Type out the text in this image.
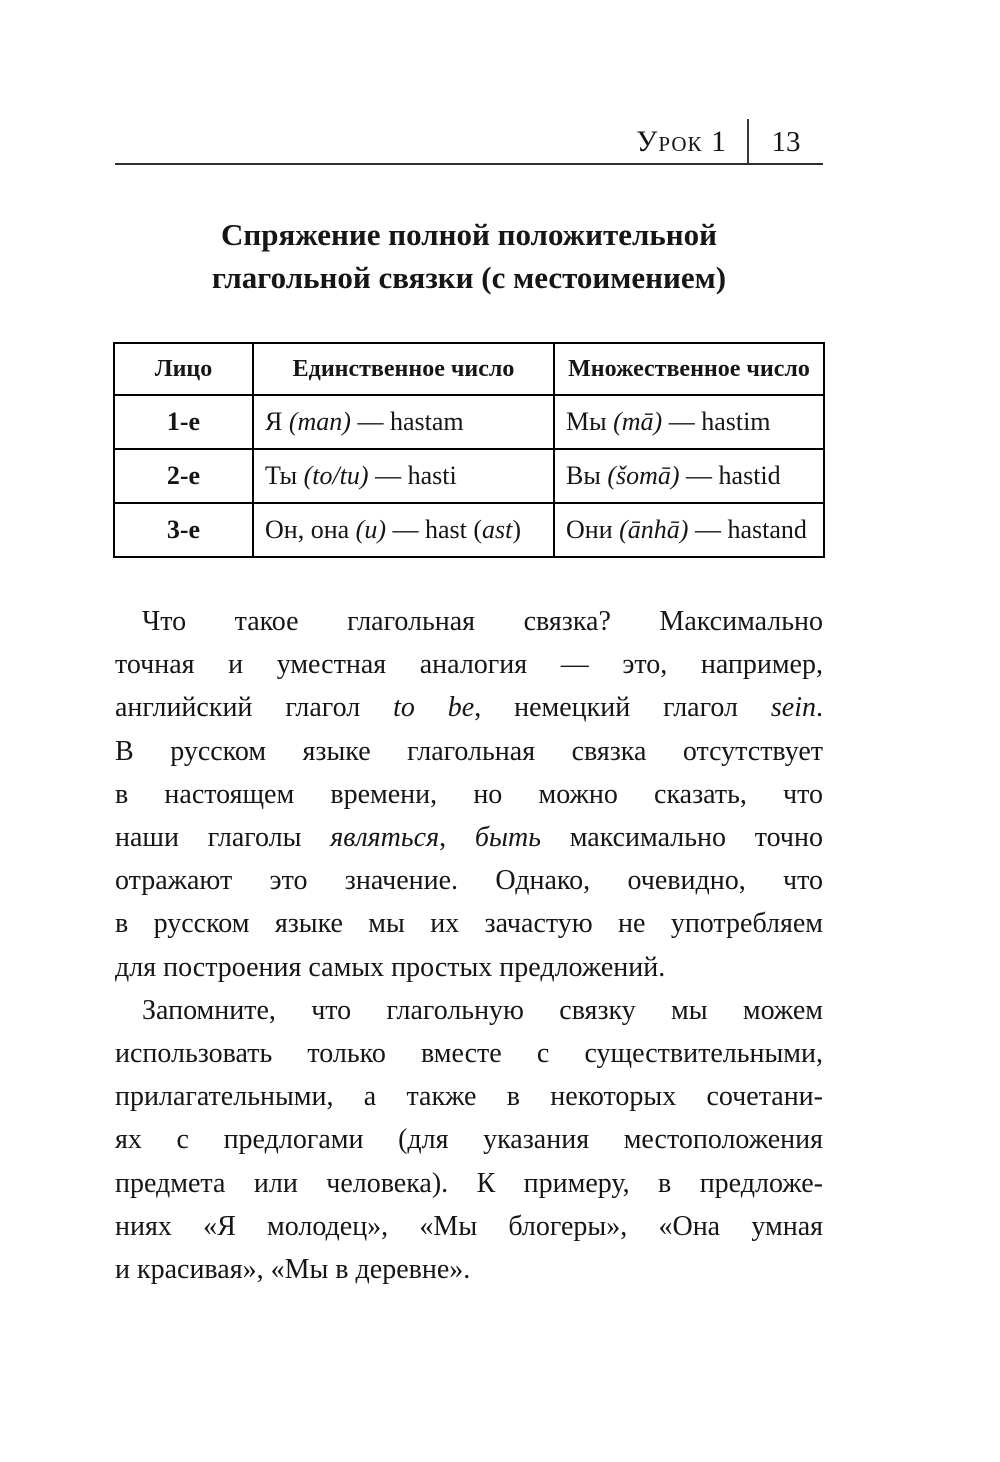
Урок 1	13
Спряжение полной положительной
глагольной связки (с местоимением)
Лицо	Единственное число	Множественное число
1-е	Я (man) — hastam	Мы (mā) — hastim
2-е	Ты (to/tu) — hasti	Вы (šomā) — hastid
3-е	Он, она (u) — hast (ast)	Они (ānhā) — hastand
Что такое глагольная связка? Максимально
точная и уместная аналогия — это, например,
английский глагол to be, немецкий глагол sein.
В русском языке глагольная связка отсутствует
в настоящем времени, но можно сказать, что
наши глаголы являться, быть максимально точно
отражают это значение. Однако, очевидно, что
в русском языке мы их зачастую не употребляем
для построения самых простых предложений.
Запомните, что глагольную связку мы можем
использовать только вместе с существительными,
прилагательными, а также в некоторых сочетани-
ях с предлогами (для указания местоположения
предмета или человека). К примеру, в предложе-
ниях «Я молодец», «Мы блогеры», «Она умная
и красивая», «Мы в деревне».
